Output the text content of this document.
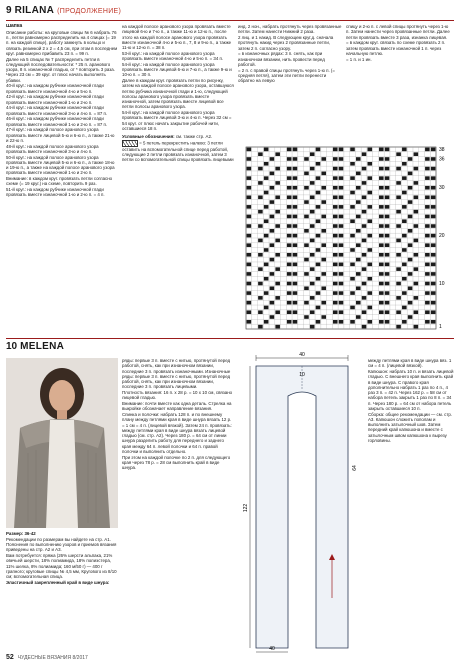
9 RILANA (ПРОДОЛЖЕНИЕ)

Шапка

Описание работы: на круговые спицы № 6 набрать 76 п., петли равномерно распределить на 4 спицах (= 19 п. на каждой спице), работу замкнуть в кольцо и связать резинкой 2 х 2 = 4,5 см, при этом в последнем круг. равномерно прибавить 23 п. = 99 п.

Далее на 5 спицах № 7 распределить петли в следующей последовательности: * 25 п. аранового узора, 8 п. изнаночной гладью, от * повторить 3 раза. Через 23 см = 39 круг. от плюс начать выполнять убавки.

40-й круг.: на каждом рубчике изнаночной глади провязать вместе изнаночной 4-ю и 5-ю п.

42-й круг.: на каждом рубчике изнаночной глади провязать вместе изнаночной 1-ю и 2-ю п.

44-й круг.: на каждом рубчике изнаночной глади провязать вместе изнаночной 3-ю и 4-ю п. = 87 п.

46-й круг.: на каждом рубчике изнаночной глади провязать вместе изнаночной 1-ю и 2-ю п. = 87 п.

47-й круг.: на каждой полосе аранового узора провязать вместе лицевой 5-ю и 6-ю п., а также 21-ю и 22-ю п.

48-й круг.: на каждой полосе аранового узора провязать вместе изнаночной 3-ю и 4-ю п.

50-й круг.: на каждой полосе аранового узора провязать вместе лицевой 5-ю и 6-ю п., а также 18-ю и 19-ю п., а также на каждой полосе аранового узора провязать вместе изнаночной 1-ю и 2-ю п.

Внимание: в каждом круг. провязать петли согласно схеме (= 19 круг.) на схеме, повторить 9 раз.

51-й круг.: на каждом рубчике изнаночной глади провязать вместе изнаночной 1-ю и 2-ю п. = 4 п.

на каждой полосе аранового узора провязать вместе лицевой 6-ю и 7-ю п., а также 11-ю и 12-ю п., после этого на каждой полосе аранового узора провязать вместе изнаночной 4-ю и 5-ю п., 7, 8 и 9-ю п., а также 11-ю и 12-ю п. = 38 п.

53-й круг.: на каждой полосе аранового узора провязать вместе изнаночной 4-ю и 5-ю п. = 34 п.

54-й круг.: на каждой полосе аранового узора провязать вместе лицевой 6-ю и 7-ю п., а также 9-ю и 10-ю п. = 30 п.

Далее в каждом круг. провязать петли по рисунку, затем на каждой полосе аранового узора, оставшуюся петлю рубчика изнаночной глади и 1-ю, следующей полосы аранового узора провязать вместе изнаночной, затем провязать вместе лицевой все петли полосы аранового узора.

54-й круг.: на каждой полосе аранового узора провязать вместе лицевой 3-ю и 4-ю п. Через 32 см = 54 круг. от плюс начать закрытие рабочей нити, оставшиеся 18 п.

Условные обозначения: см. также стр. А2.

= 5 петель перекрестить налево: 3 петли оставить на вспомогательной спице перед работой, следующие 2 петли провязать изнаночной, затем 3 петли со вспомогательной спицы провязать лицевыми

инд. 2 нон., набрать протянуть через провязанные петли. Затем нанести Нижний 2 раза.

2 лиц. и 1 накид. В следующем круг.д. сначала протянуть накид через 2 провязанные петли, затем 2 п. согласно узору.

= в изнаночных рядах: 3 п. снять, как при изнаночном вязании, нить провести перед работой.

= 2 п. с правой спицы протянуть через 1-ю п. (= средняя петля), затем эти петли перенести обратно на левую

спицу и 2-ю п. с левой спицы протянуть через 1-ю п. Затем нанести через провязанные петли. Далее петли провязать вместе 3 раза, изнанка лицевая.

= в каждом круг. связать по схеме провязать 2 п. затем провязать вместе изнаночной 1 п. через начальную петлю.

= 1 п. и 1 ин.

38
36
30
20
10
1
10 MELENA

Размер: 36-42

Рекомендации по размерам вы найдете на стр. А1. Пояснения по выполнению узоров и приемов вязания приведены на стр. А2 и А3.

Вам потребуется: пряжа (26% шерсти альпака, 21% овечьей шерсти, 18% полиамида, 18% полиэстера, 11% шелка, 8% полиамида; 160 м/50 г) — 400 г грапного; круговые спицы № 4,5 мм, Кругового из 8/10 см; вспомогательная спица.

Эластичный закрепленный край в виде шнура:

ряды: первые 3 п. вместе с нитью, протянутой перед работой, снять, как при изнаночном вязании, последние 3 п. провязать изнаночными. Изнаночные ряды: первые 3 п. вместе с нитью, протянутой перед работой, снять, как при изнаночном вязании, последние 3 п. провязать лицевыми.

Плотность вязания: 16 п. х 28 р. = 10 х 10 см, связано лицевой гладью.

Внимание: почти вместе как одна деталь. Стрелка на выкройке обозначает направление вязания.

Спинка и полочки: набрать 128 п. и по внешнему плану между петлями края в виде шнура вязать 12 р. = 1 см = 4 п. (лицевой вязкой). Затем 24 п. провязать: между петлями края в виде шнура вязать лицевой гладью (см. стр. А2). Через 180 р. = 64 см от линии шнура разделить работу для переднего и заднего края между 64 п. левой полочки и 64 п. правой полочки и выполнить отдельно.

При этом на каждой полочке по 2 п. для следующего края через 78 р. = 28 см выполнить край в виде шнура.

40
122
64
40
10

между петлями края в виде шнура вяз. 1 см = 4 п. (лицевой вязкой).

Капюшон: набрать 10 п. и вязать лицевой гладью. С внешнего края выполнить край в виде шнура. С правого края дополнительно набрать 1 раз по 4 п., 4 раз 3 п. = 42 п. Через 162 р. = 58 см от набора петель закрыть 1 раз по 8 п. = 34 п. Через 180 р. = 64 см от набора петель закрыть оставшиеся 10 п.

Сборка: общее рекомендации — см. стр. А3. Капюшон сложить пополам и выполнить затылочный шов. Затем передний край капюшона и вместе с затылочным швом капюшона к вырезу горловины.

52 ЧУДЕСНЫЕ ВЯЗАНИЯ 8/2017
